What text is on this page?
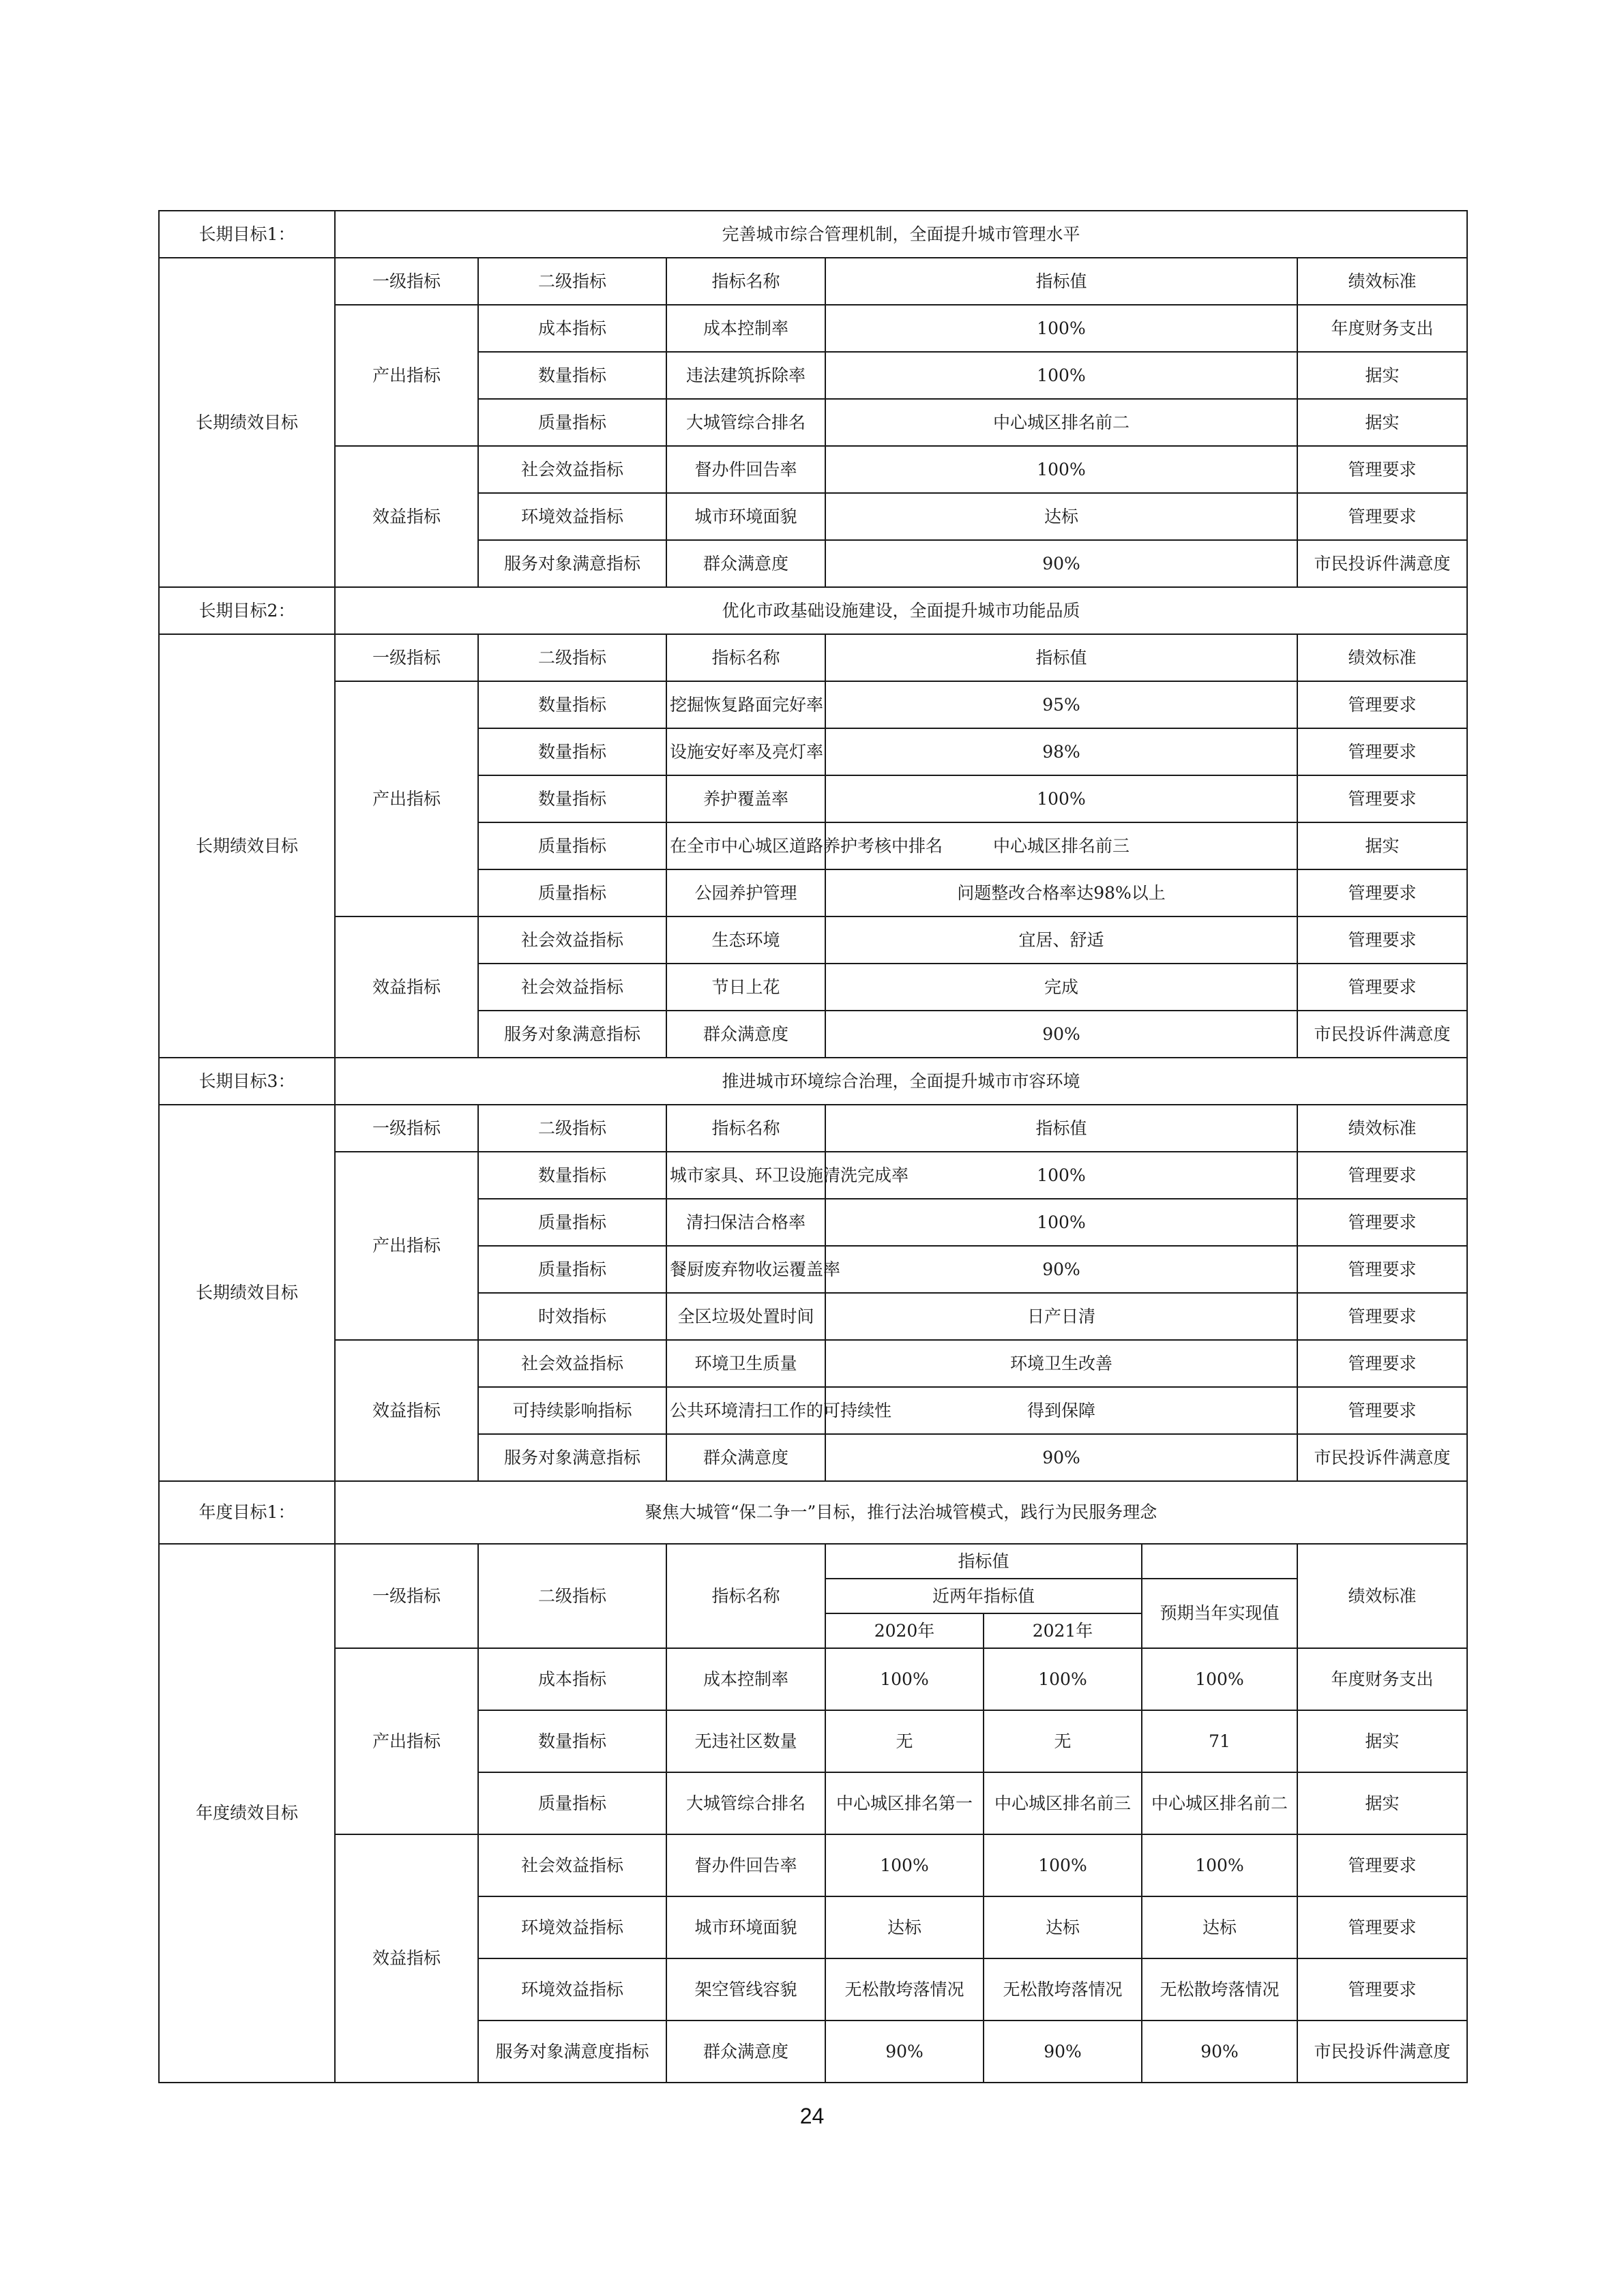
长期目标1：	完善城市综合管理机制，全面提升城市管理水平						
长期绩效目标	一级指标	二级指标	指标名称	指标值			绩效标准
	产出指标	成本指标	成本控制率	100%			年度财务支出
		数量指标	违法建筑拆除率	100%			据实
		质量指标	大城管综合排名	中心城区排名前二			据实
	效益指标	社会效益指标	督办件回告率	100%			管理要求
		环境效益指标	城市环境面貌	达标			管理要求
		服务对象满意指标	群众满意度	90%			市民投诉件满意度
长期目标2：	优化市政基础设施建设，全面提升城市功能品质						
长期绩效目标	一级指标	二级指标	指标名称	指标值			绩效标准
	产出指标	数量指标	挖掘恢复路面完好率	95%			管理要求
		数量指标	设施安好率及亮灯率	98%			管理要求
		数量指标	养护覆盖率	100%			管理要求
		质量指标	在全市中心城区道路养护考核中排名	中心城区排名前三			据实
		质量指标	公园养护管理	问题整改合格率达98%以上			管理要求
	效益指标	社会效益指标	生态环境	宜居、舒适			管理要求
		社会效益指标	节日上花	完成			管理要求
		服务对象满意指标	群众满意度	90%			市民投诉件满意度
长期目标3：	推进城市环境综合治理，全面提升城市市容环境						
长期绩效目标	一级指标	二级指标	指标名称	指标值			绩效标准
	产出指标	数量指标	城市家具、环卫设施清洗完成率	100%			管理要求
		质量指标	清扫保洁合格率	100%			管理要求
		质量指标	餐厨废弃物收运覆盖率	90%			管理要求
		时效指标	全区垃圾处置时间	日产日清			管理要求
	效益指标	社会效益指标	环境卫生质量	环境卫生改善			管理要求
		可持续影响指标	公共环境清扫工作的可持续性	得到保障			管理要求
		服务对象满意指标	群众满意度	90%			市民投诉件满意度
年度目标1：	聚焦大城管“保二争一”目标，推行法治城管模式，践行为民服务理念						
年度绩效目标	一级指标	二级指标	指标名称	指标值			绩效标准
				近两年指标值		预期当年实现值	
				2020年	2021年		
	产出指标	成本指标	成本控制率	100%	100%	100%	年度财务支出
		数量指标	无违社区数量	无	无	71	据实
		质量指标	大城管综合排名	中心城区排名第一	中心城区排名前三	中心城区排名前二	据实
	效益指标	社会效益指标	督办件回告率	100%	100%	100%	管理要求
		环境效益指标	城市环境面貌	达标	达标	达标	管理要求
		环境效益指标	架空管线容貌	无松散垮落情况	无松散垮落情况	无松散垮落情况	管理要求
		服务对象满意度指标	群众满意度	90%	90%	90%	市民投诉件满意度
24
